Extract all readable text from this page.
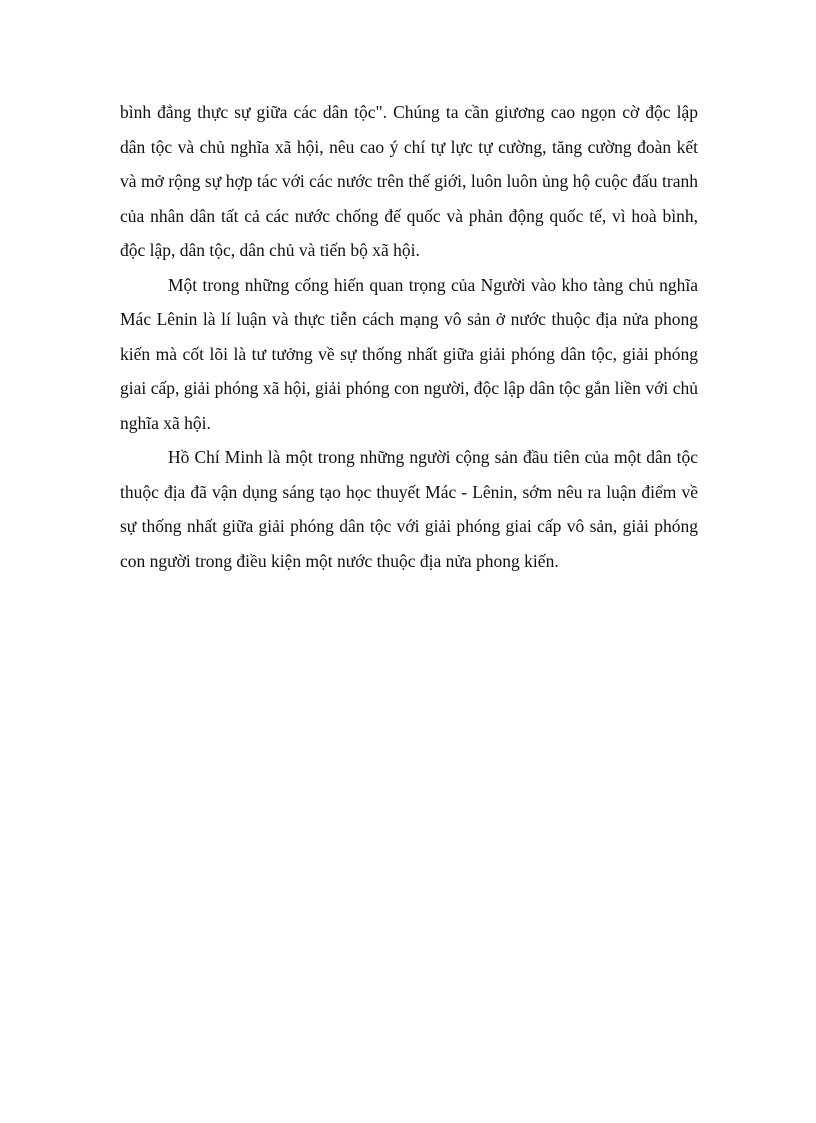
bình đẳng thực sự giữa các dân tộc". Chúng ta cần giương cao ngọn cờ độc lập dân tộc và chủ nghĩa xã hội, nêu cao ý chí tự lực tự cường, tăng cường đoàn kết và mở rộng sự hợp tác với các nước trên thế giới, luôn luôn ủng hộ cuộc đấu tranh của nhân dân tất cả các nước chống đế quốc và phản động quốc tế, vì hoà bình, độc lập, dân tộc, dân chủ và tiến bộ xã hội.

Một trong những cống hiến quan trọng của Người vào kho tàng chủ nghĩa Mác Lênin là lí luận và thực tiễn cách mạng vô sản ở nước thuộc địa nửa phong kiến mà cốt lõi là tư tưởng về sự thống nhất giữa giải phóng dân tộc, giải phóng giai cấp, giải phóng xã hội, giải phóng con người, độc lập dân tộc gắn liền với chủ nghĩa xã hội.

Hồ Chí Minh là một trong những người cộng sản đầu tiên của một dân tộc thuộc địa đã vận dụng sáng tạo học thuyết Mác - Lênin, sớm nêu ra luận điểm về sự thống nhất giữa giải phóng dân tộc với giải phóng giai cấp vô sản, giải phóng con người trong điều kiện một nước thuộc địa nửa phong kiến.
